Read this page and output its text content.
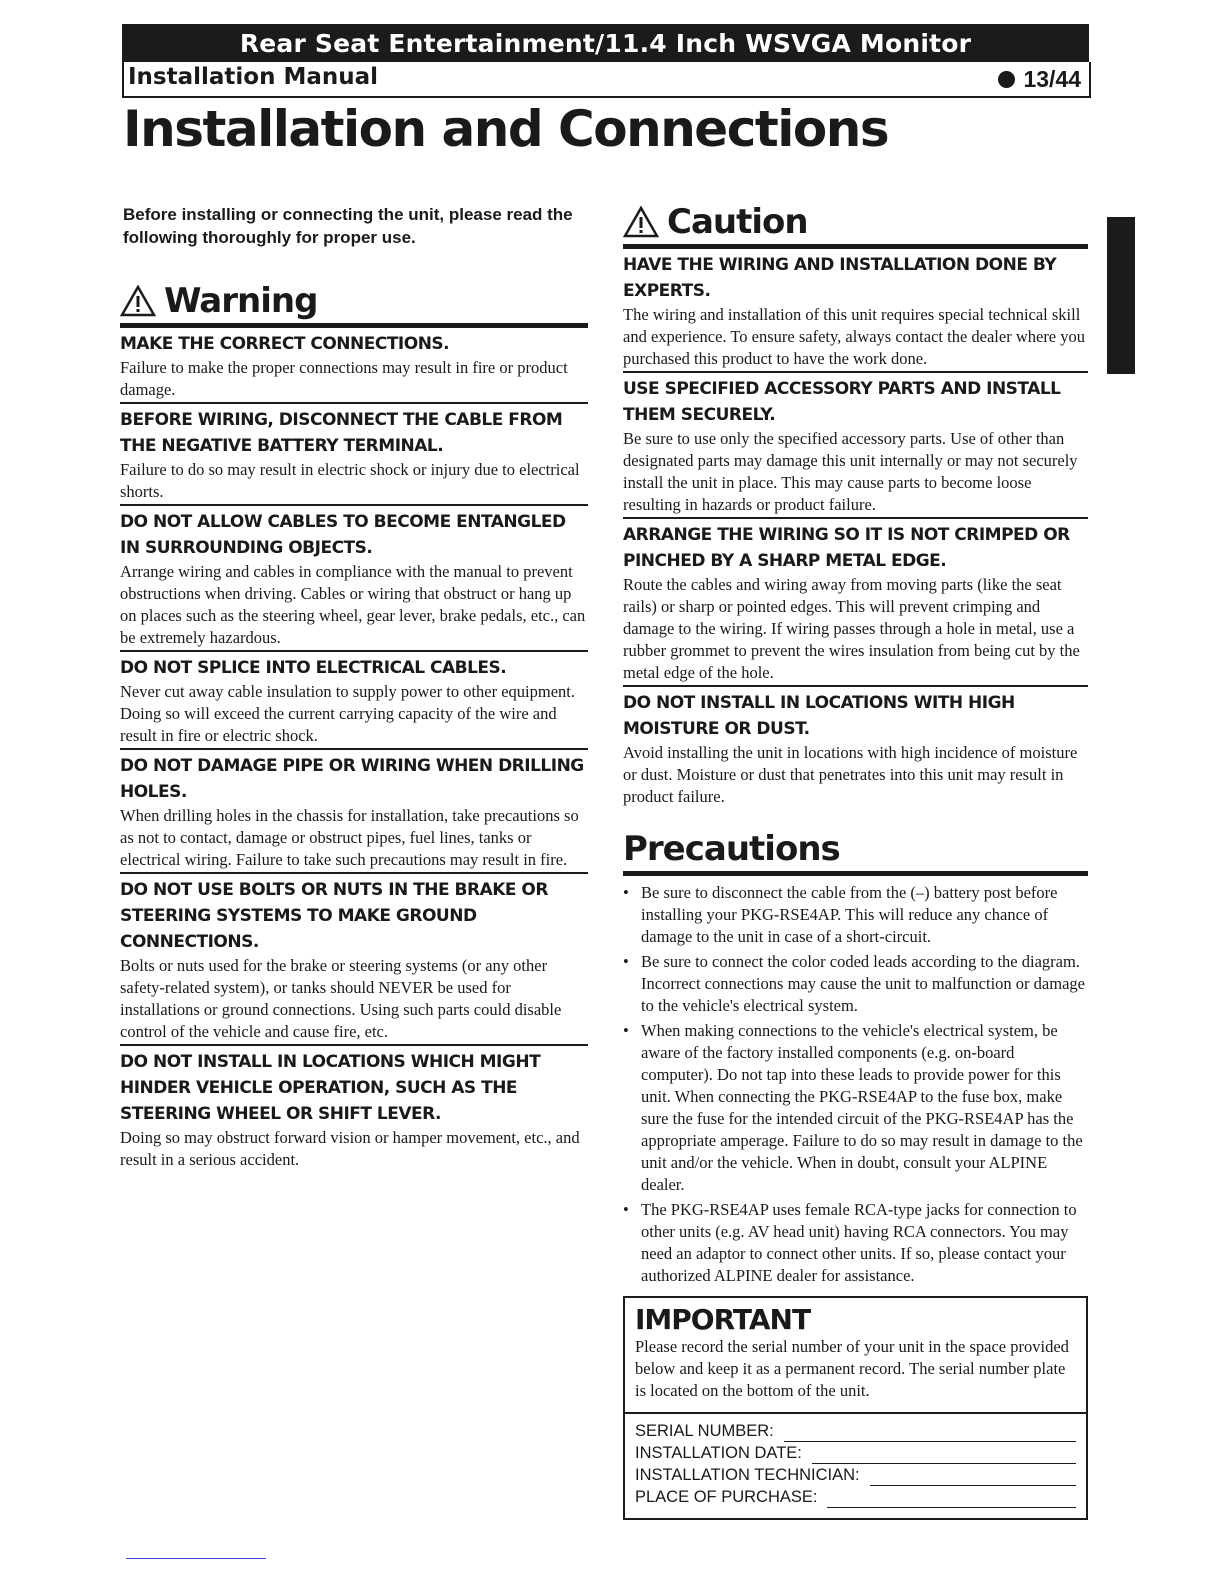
Rear Seat Entertainment/11.4 Inch WSVGA Monitor
Installation Manual	13/44
Installation and Connections

Before installing or connecting the unit, please read the following thoroughly for proper use.

Warning
MAKE THE CORRECT CONNECTIONS.
Failure to make the proper connections may result in fire or product damage.
BEFORE WIRING, DISCONNECT THE CABLE FROM THE NEGATIVE BATTERY TERMINAL.
Failure to do so may result in electric shock or injury due to electrical shorts.
DO NOT ALLOW CABLES TO BECOME ENTANGLED IN SURROUNDING OBJECTS.
Arrange wiring and cables in compliance with the manual to prevent obstructions when driving. Cables or wiring that obstruct or hang up on places such as the steering wheel, gear lever, brake pedals, etc., can be extremely hazardous.
DO NOT SPLICE INTO ELECTRICAL CABLES.
Never cut away cable insulation to supply power to other equipment. Doing so will exceed the current carrying capacity of the wire and result in fire or electric shock.
DO NOT DAMAGE PIPE OR WIRING WHEN DRILLING HOLES.
When drilling holes in the chassis for installation, take precautions so as not to contact, damage or obstruct pipes, fuel lines, tanks or electrical wiring. Failure to take such precautions may result in fire.
DO NOT USE BOLTS OR NUTS IN THE BRAKE OR STEERING SYSTEMS TO MAKE GROUND CONNECTIONS.
Bolts or nuts used for the brake or steering systems (or any other safety-related system), or tanks should NEVER be used for installations or ground connections. Using such parts could disable control of the vehicle and cause fire, etc.
DO NOT INSTALL IN LOCATIONS WHICH MIGHT HINDER VEHICLE OPERATION, SUCH AS THE STEERING WHEEL OR SHIFT LEVER.
Doing so may obstruct forward vision or hamper movement, etc., and result in a serious accident.
Caution
HAVE THE WIRING AND INSTALLATION DONE BY EXPERTS.
The wiring and installation of this unit requires special technical skill and experience. To ensure safety, always contact the dealer where you purchased this product to have the work done.
USE SPECIFIED ACCESSORY PARTS AND INSTALL THEM SECURELY.
Be sure to use only the specified accessory parts. Use of other than designated parts may damage this unit internally or may not securely install the unit in place. This may cause parts to become loose resulting in hazards or product failure.
ARRANGE THE WIRING SO IT IS NOT CRIMPED OR PINCHED BY A SHARP METAL EDGE.
Route the cables and wiring away from moving parts (like the seat rails) or sharp or pointed edges. This will prevent crimping and damage to the wiring. If wiring passes through a hole in metal, use a rubber grommet to prevent the wires insulation from being cut by the metal edge of the hole.
DO NOT INSTALL IN LOCATIONS WITH HIGH MOISTURE OR DUST.
Avoid installing the unit in locations with high incidence of moisture or dust. Moisture or dust that penetrates into this unit may result in product failure.
Precautions
• Be sure to disconnect the cable from the (–) battery post before installing your PKG-RSE4AP. This will reduce any chance of damage to the unit in case of a short-circuit.
• Be sure to connect the color coded leads according to the diagram. Incorrect connections may cause the unit to malfunction or damage to the vehicle's electrical system.
• When making connections to the vehicle's electrical system, be aware of the factory installed components (e.g. on-board computer). Do not tap into these leads to provide power for this unit. When connecting the PKG-RSE4AP to the fuse box, make sure the fuse for the intended circuit of the PKG-RSE4AP has the appropriate amperage. Failure to do so may result in damage to the unit and/or the vehicle. When in doubt, consult your ALPINE dealer.
• The PKG-RSE4AP uses female RCA-type jacks for connection to other units (e.g. AV head unit) having RCA connectors. You may need an adaptor to connect other units. If so, please contact your authorized ALPINE dealer for assistance.
IMPORTANT
Please record the serial number of your unit in the space provided below and keep it as a permanent record. The serial number plate is located on the bottom of the unit.
SERIAL NUMBER:
INSTALLATION DATE:
INSTALLATION TECHNICIAN:
PLACE OF PURCHASE:
